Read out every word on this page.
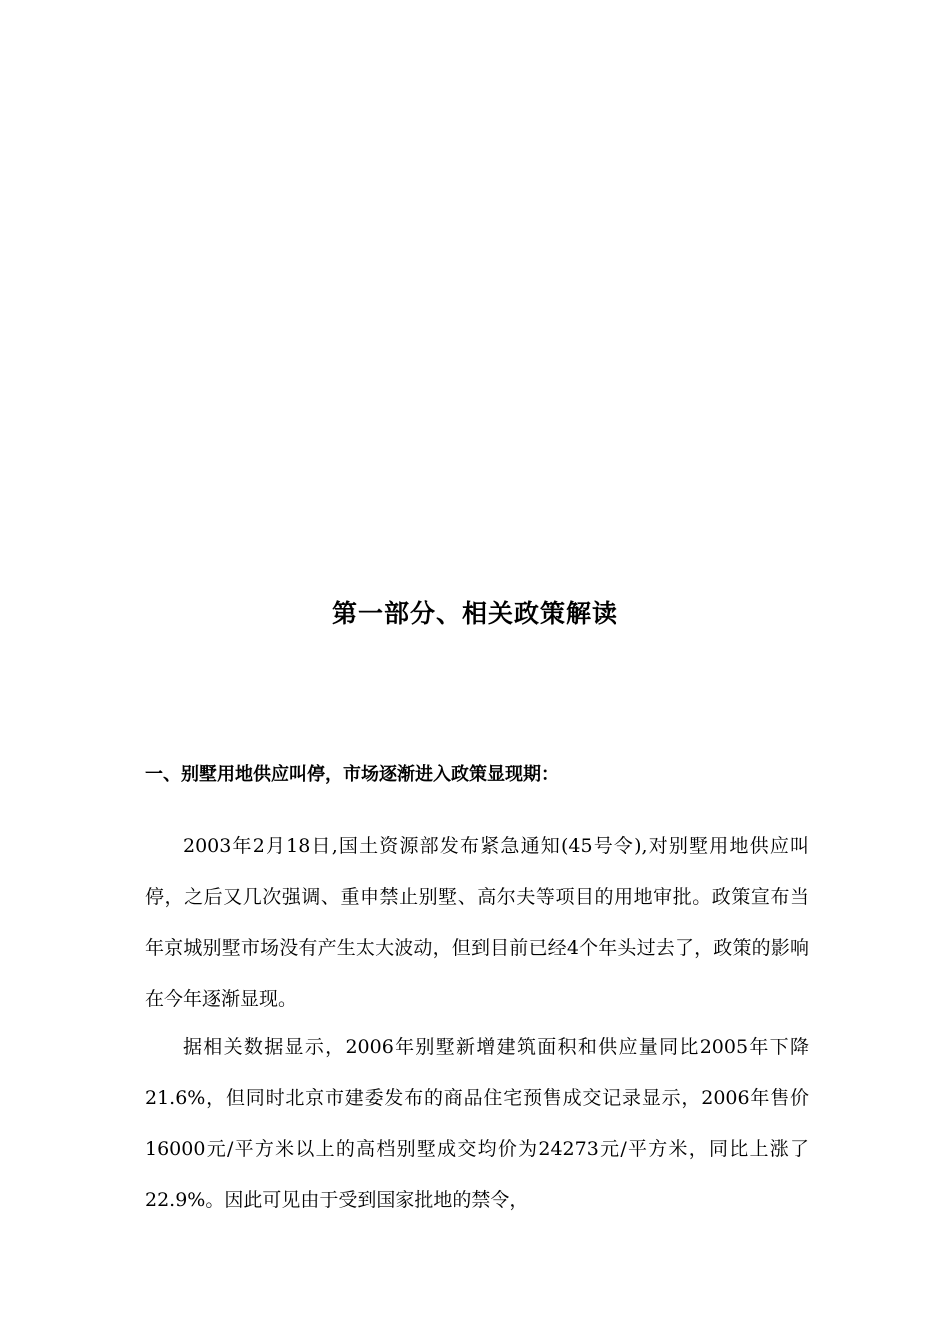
第一部分、相关政策解读
一、别墅用地供应叫停，市场逐渐进入政策显现期：

2003年2月18日,国土资源部发布紧急通知(45号令),对别墅用地供应叫停，之后又几次强调、重申禁止别墅、高尔夫等项目的用地审批。政策宣布当年京城别墅市场没有产生太大波动，但到目前已经4个年头过去了，政策的影响在今年逐渐显现。

据相关数据显示，2006年别墅新增建筑面积和供应量同比2005年下降21.6%，但同时北京市建委发布的商品住宅预售成交记录显示，2006年售价16000元/平方米以上的高档别墅成交均价为24273元/平方米，同比上涨了22.9%。因此可见由于受到国家批地的禁令，
